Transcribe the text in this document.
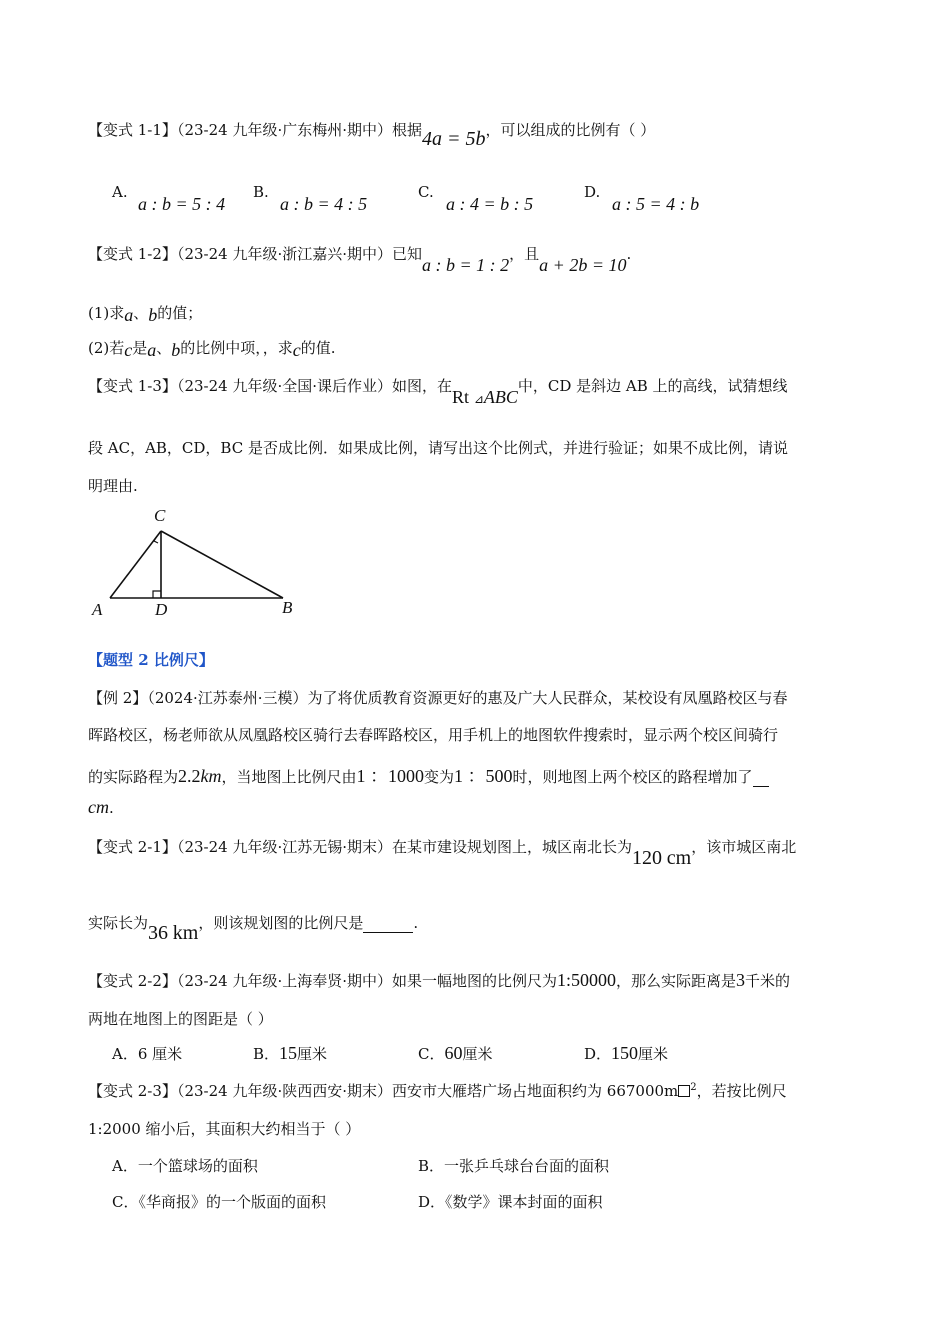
【变式 1-1】（23-24 九年级·广东梅州·期中）根据4a = 5b，可以组成的比例有（ ）
A.
a : b = 5 : 4
B.
a : b = 4 : 5
C.
a : 4 = b : 5
D.
a : 5 = 4 : b
【变式 1-2】（23-24 九年级·浙江嘉兴·期中）已知a : b = 1 : 2，且a + 2b = 10.
(1)求a、b的值；
(2)若c是a、b的比例中项，，求c的值.
【变式 1-3】（23-24 九年级·全国·课后作业）如图，在Rt ⊿ABC中，CD 是斜边 AB 上的高线，试猜想线
段 AC，AB，CD，BC 是否成比例．如果成比例，请写出这个比例式，并进行验证；如果不成比例，请说
明理由.
C
A	D	B
【题型 2 比例尺】
【例 2】（2024·江苏泰州·三模）为了将优质教育资源更好的惠及广大人民群众，某校设有凤凰路校区与春
晖路校区，杨老师欲从凤凰路校区骑行去春晖路校区，用手机上的地图软件搜索时，显示两个校区间骑行
的实际路程为2.2km，当地图上比例尺由1 ：1000变为1 ：500时，则地图上两个校区的路程增加了
cm.
【变式 2-1】（23-24 九年级·江苏无锡·期末）在某市建设规划图上，城区南北长为120 cm，该市城区南北
实际长为36 km，则该规划图的比例尺是	.
【变式 2-2】（23-24 九年级·上海奉贤·期中）如果一幅地图的比例尺为1:50000，那么实际距离是3千米的
两地在地图上的图距是（ ）
A．6 厘米	B．15厘米	C．60厘米	D．150厘米
【变式 2-3】（23-24 九年级·陕西西安·期末）西安市大雁塔广场占地面积约为 667000m $^2$，若按比例尺
1:2000 缩小后，其面积大约相当于（ ）
A．一个篮球场的面积	B．一张乒乓球台台面的面积
C．《华商报》的一个版面的面积	D．《数学》课本封面的面积
